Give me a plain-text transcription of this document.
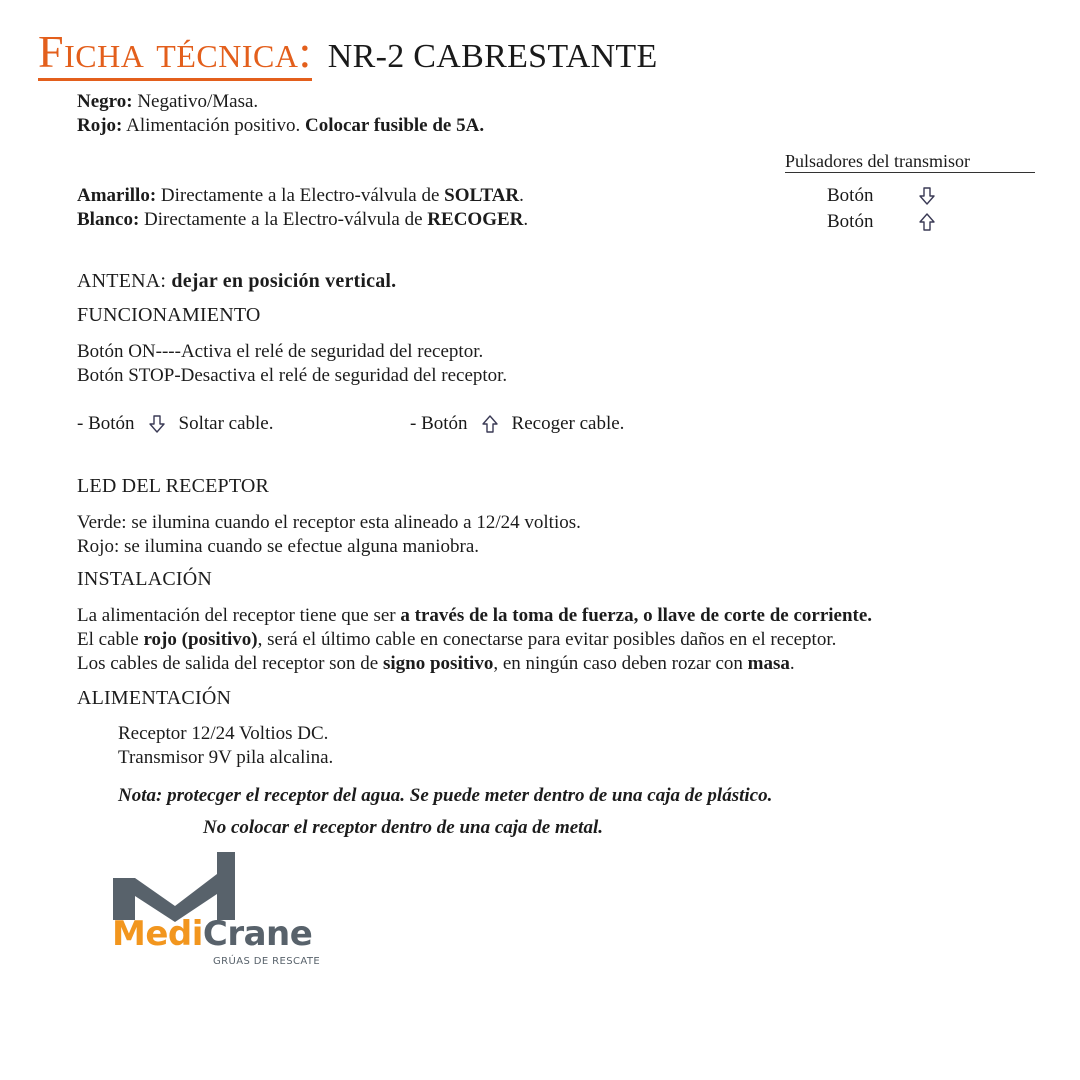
Ficha técnica: NR-2 CABRESTANTE
Negro: Negativo/Masa.
Rojo: Alimentación positivo. Colocar fusible de 5A.
Amarillo: Directamente a la Electro-válvula de SOLTAR.
Blanco: Directamente a la Electro-válvula de RECOGER.
Pulsadores del transmisor
Botón
Botón
ANTENA: dejar en posición vertical.
FUNCIONAMIENTO
Botón ON----Activa el relé de seguridad del receptor.
Botón STOP-Desactiva el relé de seguridad del receptor.
- Botón Soltar cable.	- Botón Recoger cable.
LED DEL RECEPTOR
Verde: se ilumina cuando el receptor esta alineado a 12/24 voltios.
Rojo: se ilumina cuando se efectue alguna maniobra.
INSTALACIÓN
La alimentación del receptor tiene que ser a través de la toma de fuerza, o llave de corte de corriente.
El cable rojo (positivo), será el último cable en conectarse para evitar posibles daños en el receptor.
Los cables de salida del receptor son de signo positivo, en ningún caso deben rozar con masa.
ALIMENTACIÓN
Receptor 12/24 Voltios DC.
Transmisor 9V pila alcalina.
Nota: protecger el receptor del agua. Se puede meter dentro de una caja de plástico.
No colocar el receptor dentro de una caja de metal.
MediCrane
GRÚAS DE RESCATE
